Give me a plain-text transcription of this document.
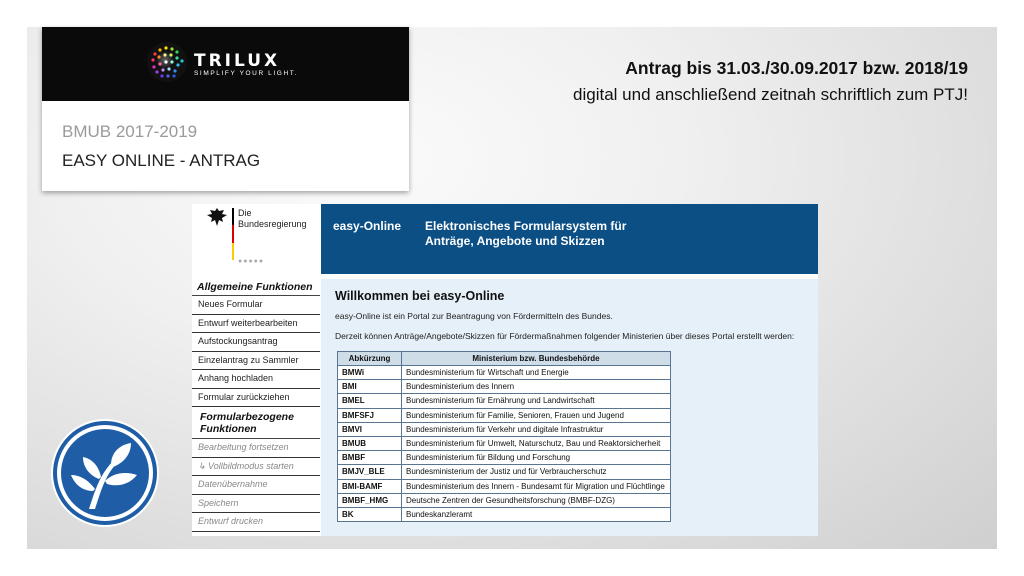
TRILUX
SIMPLIFY YOUR LIGHT.
BMUB 2017-2019
EASY ONLINE - ANTRAG
Antrag bis 31.03./30.09.2017 bzw. 2018/19
digital und anschließend zeitnah schriftlich zum PTJ!
Die
Bundesregierung
●●●●●
easy-Online Elektronisches Formularsystem für
Anträge, Angebote und Skizzen
Allgemeine Funktionen
Neues Formular
Entwurf weiterbearbeiten
Aufstockungsantrag
Einzelantrag zu Sammler
Anhang hochladen
Formular zurückziehen
Formularbezogene
Funktionen
Bearbeitung fortsetzen
↳ Vollbildmodus starten
Datenübernahme
Speichern
Entwurf drucken
Willkommen bei easy-Online
easy-Online ist ein Portal zur Beantragung von Fördermitteln des Bundes.
Derzeit können Anträge/Angebote/Skizzen für Fördermaßnahmen folgender Ministerien über dieses Portal erstellt werden:
Abkürzung	Ministerium bzw. Bundesbehörde
BMWi	Bundesministerium für Wirtschaft und Energie
BMI	Bundesministerium des Innern
BMEL	Bundesministerium für Ernährung und Landwirtschaft
BMFSFJ	Bundesministerium für Familie, Senioren, Frauen und Jugend
BMVI	Bundesministerium für Verkehr und digitale Infrastruktur
BMUB	Bundesministerium für Umwelt, Naturschutz, Bau und Reaktorsicherheit
BMBF	Bundesministerium für Bildung und Forschung
BMJV_BLE	Bundesministerium der Justiz und für Verbraucherschutz
BMI-BAMF	Bundesministerium des Innern - Bundesamt für Migration und Flüchtlinge
BMBF_HMG	Deutsche Zentren der Gesundheitsforschung (BMBF-DZG)
BK	Bundeskanzleramt
